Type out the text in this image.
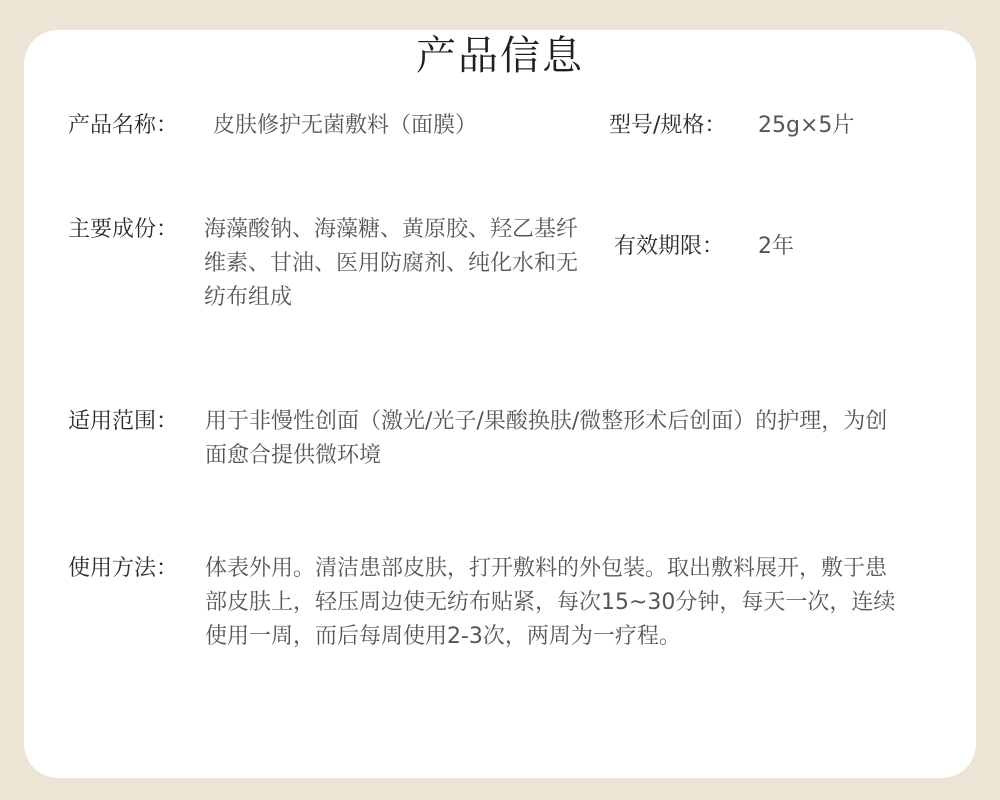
产品信息
产品名称： 皮肤修护无菌敷料（面膜）	型号/规格： 25g×5片
主要成份： 海藻酸钠、海藻糖、黄原胶、羟乙基纤维素、甘油、医用防腐剂、纯化水和无纺布组成
有效期限： 2年
适用范围： 用于非慢性创面（激光/光子/果酸换肤/微整形术后创面）的护理，为创面愈合提供微环境
使用方法： 体表外用。清洁患部皮肤，打开敷料的外包装。取出敷料展开，敷于患部皮肤上，轻压周边使无纺布贴紧，每次15~30分钟，每天一次，连续使用一周，而后每周使用2-3次，两周为一疗程。
